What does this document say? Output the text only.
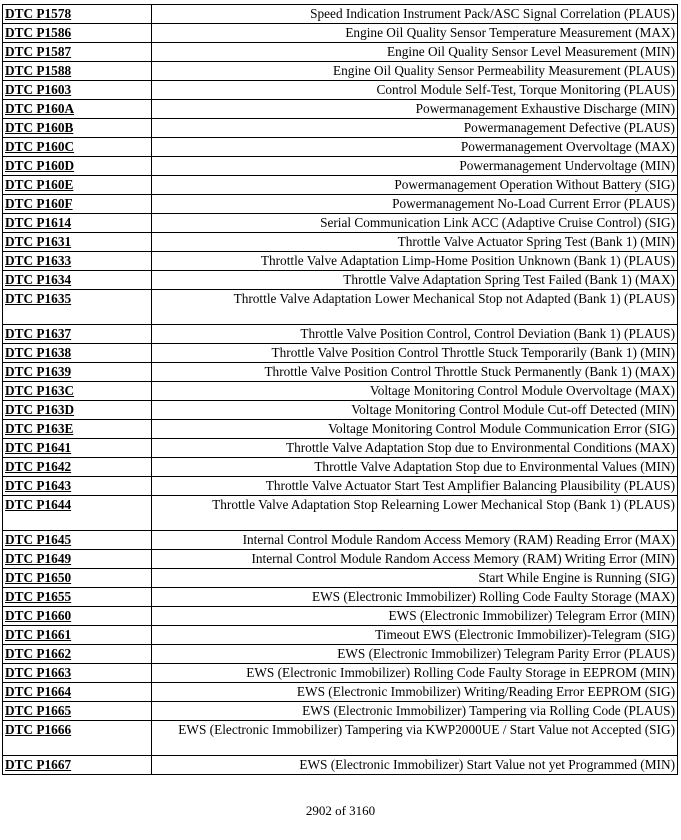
DTC P1578	Speed Indication Instrument Pack/ASC Signal Correlation (PLAUS)
DTC P1586	Engine Oil Quality Sensor Temperature Measurement (MAX)
DTC P1587	Engine Oil Quality Sensor Level Measurement (MIN)
DTC P1588	Engine Oil Quality Sensor Permeability Measurement (PLAUS)
DTC P1603	Control Module Self-Test, Torque Monitoring (PLAUS)
DTC P160A	Powermanagement Exhaustive Discharge (MIN)
DTC P160B	Powermanagement Defective (PLAUS)
DTC P160C	Powermanagement Overvoltage (MAX)
DTC P160D	Powermanagement Undervoltage (MIN)
DTC P160E	Powermanagement Operation Without Battery (SIG)
DTC P160F	Powermanagement No-Load Current Error (PLAUS)
DTC P1614	Serial Communication Link ACC (Adaptive Cruise Control) (SIG)
DTC P1631	Throttle Valve Actuator Spring Test (Bank 1) (MIN)
DTC P1633	Throttle Valve Adaptation Limp-Home Position Unknown (Bank 1) (PLAUS)
DTC P1634	Throttle Valve Adaptation Spring Test Failed (Bank 1) (MAX)
DTC P1635	Throttle Valve Adaptation Lower Mechanical Stop not Adapted (Bank 1) (PLAUS)
DTC P1637	Throttle Valve Position Control, Control Deviation (Bank 1) (PLAUS)
DTC P1638	Throttle Valve Position Control Throttle Stuck Temporarily (Bank 1) (MIN)
DTC P1639	Throttle Valve Position Control Throttle Stuck Permanently (Bank 1) (MAX)
DTC P163C	Voltage Monitoring Control Module Overvoltage (MAX)
DTC P163D	Voltage Monitoring Control Module Cut-off Detected (MIN)
DTC P163E	Voltage Monitoring Control Module Communication Error (SIG)
DTC P1641	Throttle Valve Adaptation Stop due to Environmental Conditions (MAX)
DTC P1642	Throttle Valve Adaptation Stop due to Environmental Values (MIN)
DTC P1643	Throttle Valve Actuator Start Test Amplifier Balancing Plausibility (PLAUS)
DTC P1644	Throttle Valve Adaptation Stop Relearning Lower Mechanical Stop (Bank 1) (PLAUS)
DTC P1645	Internal Control Module Random Access Memory (RAM) Reading Error (MAX)
DTC P1649	Internal Control Module Random Access Memory (RAM) Writing Error (MIN)
DTC P1650	Start While Engine is Running (SIG)
DTC P1655	EWS (Electronic Immobilizer) Rolling Code Faulty Storage (MAX)
DTC P1660	EWS (Electronic Immobilizer) Telegram Error (MIN)
DTC P1661	Timeout EWS (Electronic Immobilizer)-Telegram (SIG)
DTC P1662	EWS (Electronic Immobilizer) Telegram Parity Error (PLAUS)
DTC P1663	EWS (Electronic Immobilizer) Rolling Code Faulty Storage in EEPROM (MIN)
DTC P1664	EWS (Electronic Immobilizer) Writing/Reading Error EEPROM (SIG)
DTC P1665	EWS (Electronic Immobilizer) Tampering via Rolling Code (PLAUS)
DTC P1666	EWS (Electronic Immobilizer) Tampering via KWP2000UE / Start Value not Accepted (SIG)
DTC P1667	EWS (Electronic Immobilizer) Start Value not yet Programmed (MIN)
2902 of 3160
